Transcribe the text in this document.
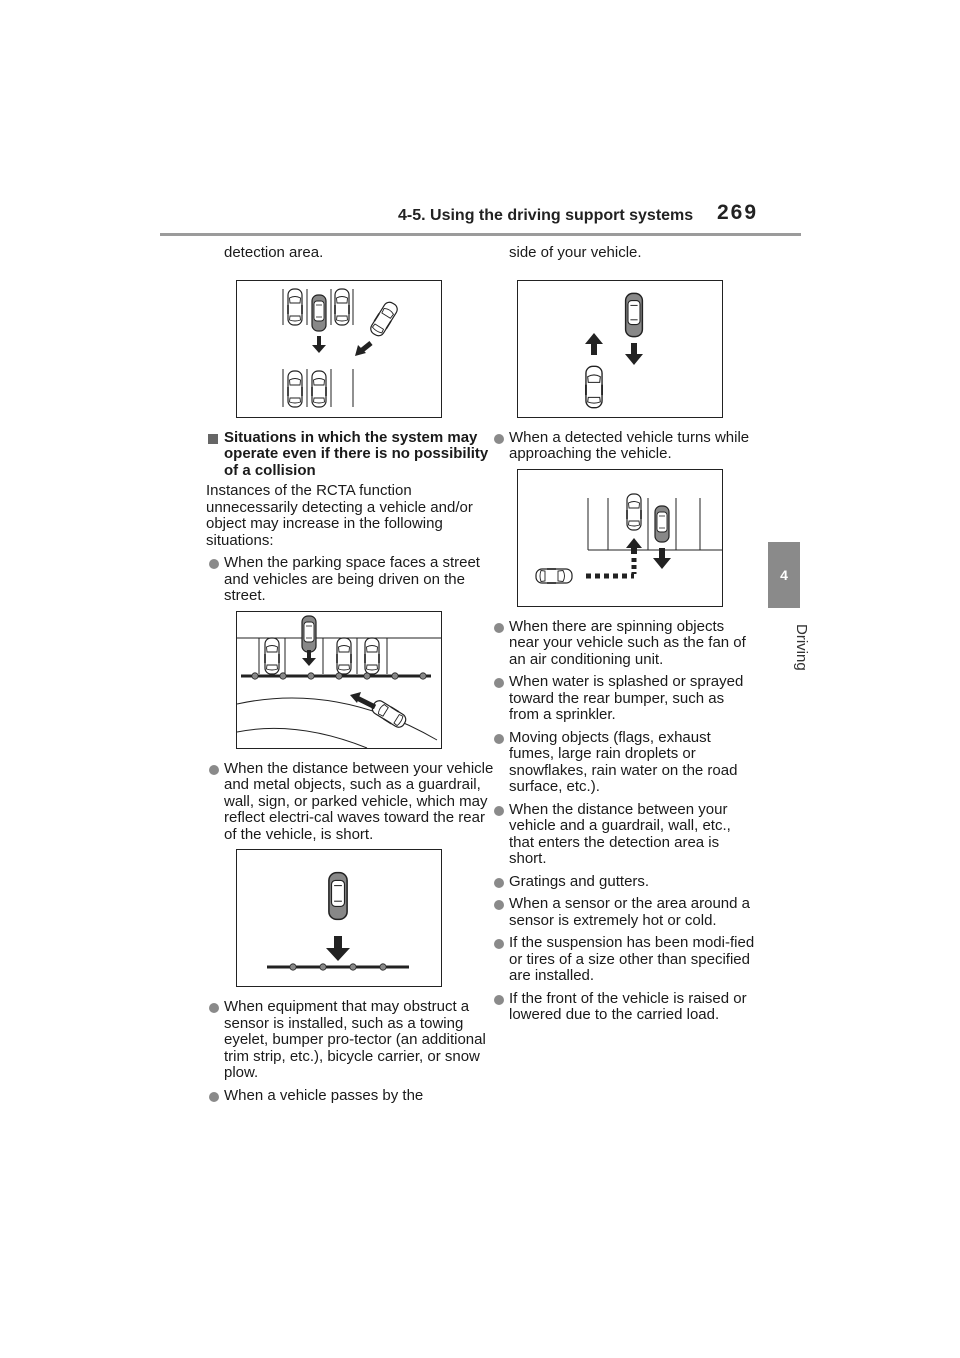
4-5. Using the driving support systems 269
4
Driving

detection area.

Situations in which the system may operate even if there is no possibility of a collision

Instances of the RCTA function unnecessarily detecting a vehicle and/or object may increase in the following situations:

When the parking space faces a street and vehicles are being driven on the street.

When the distance between your vehicle and metal objects, such as a guardrail, wall, sign, or parked vehicle, which may reflect electri-cal waves toward the rear of the vehicle, is short.

When equipment that may obstruct a sensor is installed, such as a towing eyelet, bumper pro-tector (an additional trim strip, etc.), bicycle carrier, or snow plow.

When a vehicle passes by the

side of your vehicle.

When a detected vehicle turns while approaching the vehicle.

When there are spinning objects near your vehicle such as the fan of an air conditioning unit.

When water is splashed or sprayed toward the rear bumper, such as from a sprinkler.

Moving objects (flags, exhaust fumes, large rain droplets or snowflakes, rain water on the road surface, etc.).

When the distance between your vehicle and a guardrail, wall, etc., that enters the detection area is short.

Gratings and gutters.

When a sensor or the area around a sensor is extremely hot or cold.

If the suspension has been modi-fied or tires of a size other than specified are installed.

If the front of the vehicle is raised or lowered due to the carried load.
